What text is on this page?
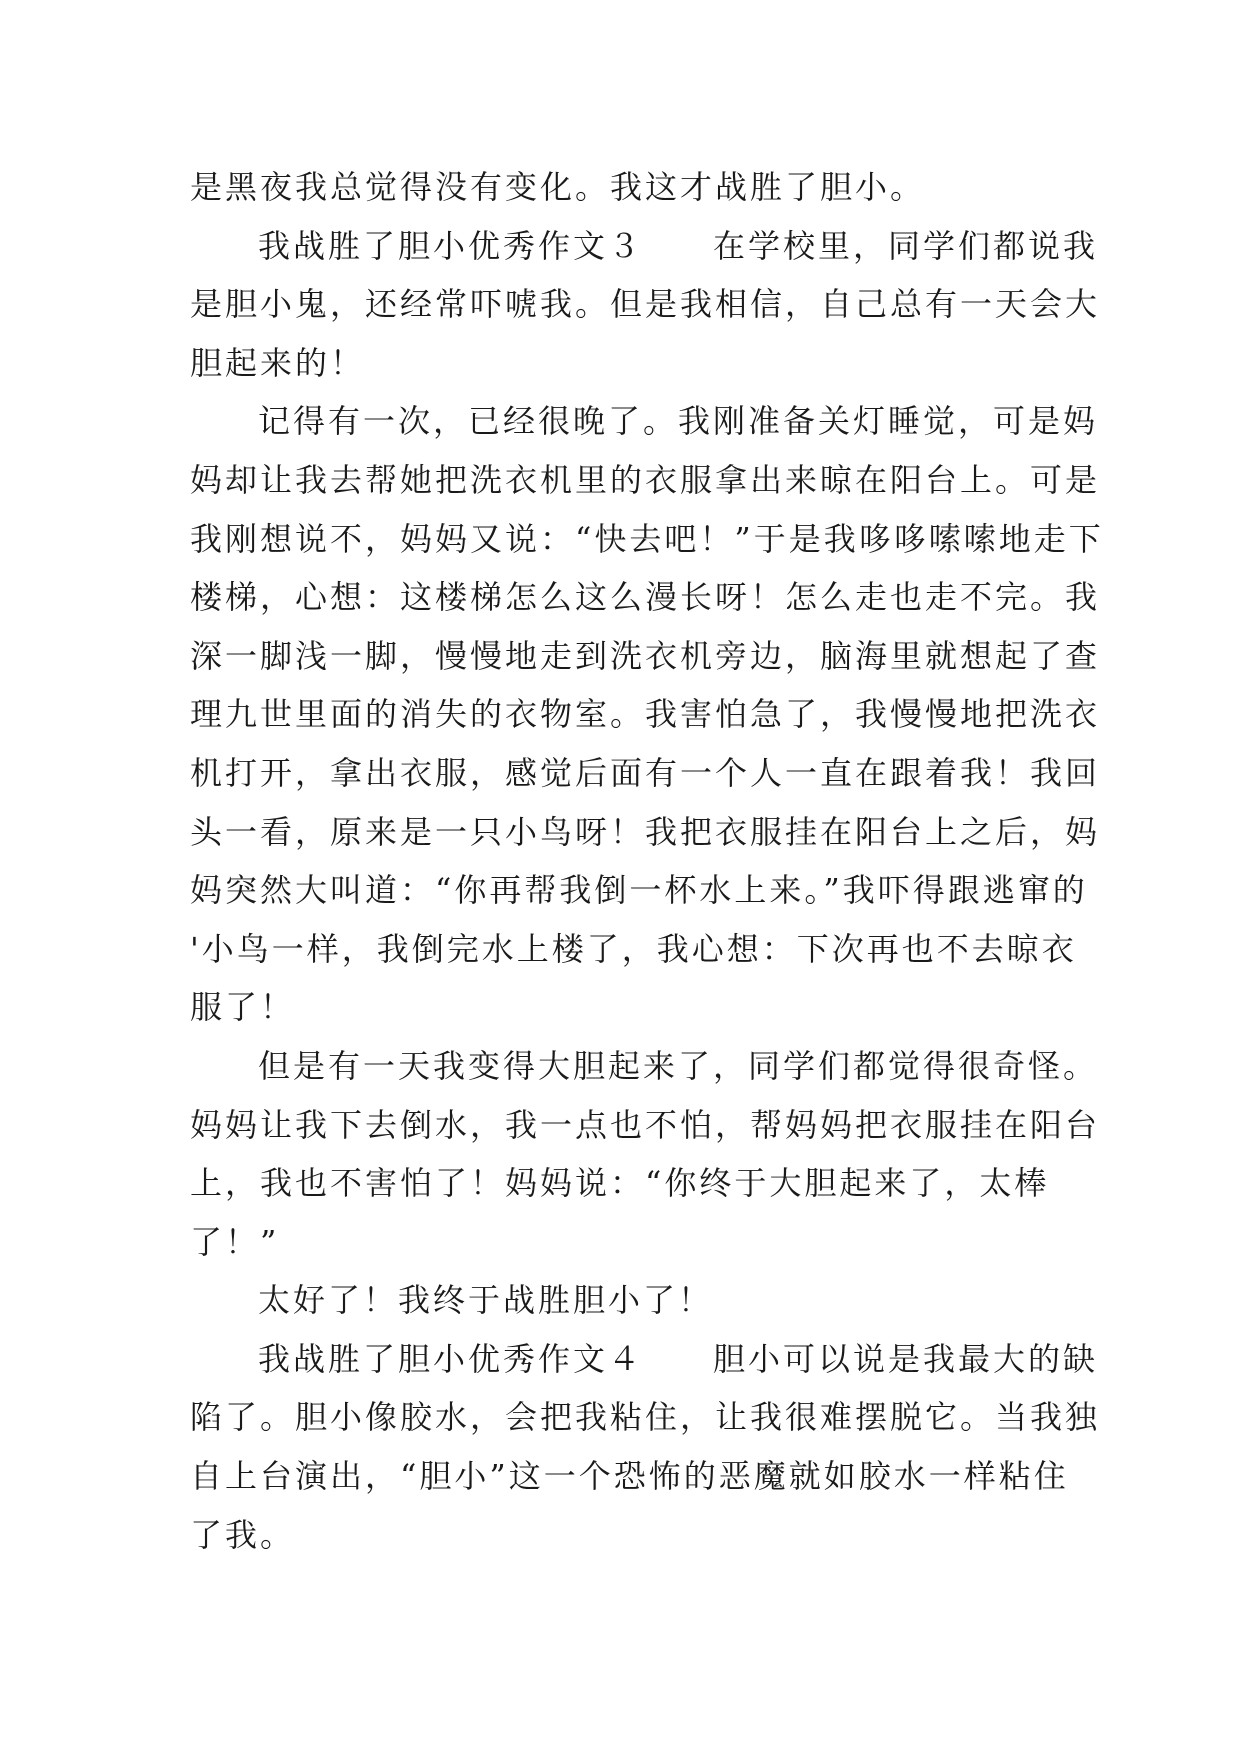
是黑夜我总觉得没有变化。我这才战胜了胆小。
我战胜了胆小优秀作文３　　在学校里，同学们都说我
是胆小鬼，还经常吓唬我。但是我相信，自己总有一天会大
胆起来的！
记得有一次，已经很晚了。我刚准备关灯睡觉，可是妈
妈却让我去帮她把洗衣机里的衣服拿出来晾在阳台上。可是
我刚想说不，妈妈又说：“快去吧！”于是我哆哆嗦嗦地走下
楼梯，心想：这楼梯怎么这么漫长呀！怎么走也走不完。我
深一脚浅一脚，慢慢地走到洗衣机旁边，脑海里就想起了查
理九世里面的消失的衣物室。我害怕急了，我慢慢地把洗衣
机打开，拿出衣服，感觉后面有一个人一直在跟着我！我回
头一看，原来是一只小鸟呀！我把衣服挂在阳台上之后，妈
妈突然大叫道：“你再帮我倒一杯水上来。”我吓得跟逃窜的
'小鸟一样，我倒完水上楼了，我心想：下次再也不去晾衣
服了！
但是有一天我变得大胆起来了，同学们都觉得很奇怪。
妈妈让我下去倒水，我一点也不怕，帮妈妈把衣服挂在阳台
上，我也不害怕了！妈妈说：“你终于大胆起来了，太棒
了！”
太好了！我终于战胜胆小了！
我战胜了胆小优秀作文４　　胆小可以说是我最大的缺
陷了。胆小像胶水，会把我粘住，让我很难摆脱它。当我独
自上台演出，“胆小”这一个恐怖的恶魔就如胶水一样粘住
了我。
